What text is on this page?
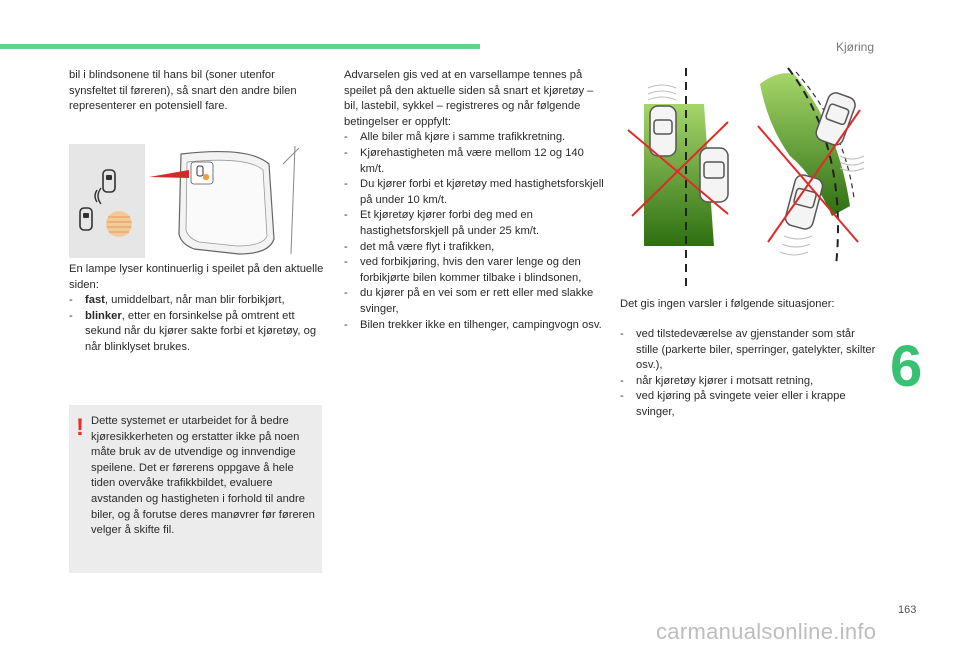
Kjøring
6
163
carmanualsonline.info

bil i blindsonene til hans bil (soner utenfor synsfeltet til føreren), så snart den andre bilen representerer en potensiell fare.

En lampe lyser kontinuerlig i speilet på den aktuelle siden:

- fast, umiddelbart, når man blir forbikjørt,
- blinker, etter en forsinkelse på omtrent ett sekund når du kjører sakte forbi et kjøretøy, og når blinklyset brukes.
! Dette systemet er utarbeidet for å bedre kjøresikkerheten og erstatter ikke på noen måte bruk av de utvendige og innvendige speilene. Det er førerens oppgave å hele tiden overvåke trafikkbildet, evaluere avstanden og hastigheten i forhold til andre biler, og å forutse deres manøvrer før føreren velger å skifte fil.

Advarselen gis ved at en varsellampe tennes på speilet på den aktuelle siden så snart et kjøretøy – bil, lastebil, sykkel – registreres og når følgende betingelser er oppfylt:

- Alle biler må kjøre i samme trafikkretning.
- Kjørehastigheten må være mellom 12 og 140 km/t.
- Du kjører forbi et kjøretøy med hastighetsforskjell på under 10 km/t.
- Et kjøretøy kjører forbi deg med en hastighetsforskjell på under 25 km/t.
- det må være flyt i trafikken,
- ved forbikjøring, hvis den varer lenge og den forbikjørte bilen kommer tilbake i blindsonen,
- du kjører på en vei som er rett eller med slakke svinger,
- Bilen trekker ikke en tilhenger, campingvogn osv.

Det gis ingen varsler i følgende situasjoner:

- ved tilstedeværelse av gjenstander som står stille (parkerte biler, sperringer, gatelykter, skilter osv.),
- når kjøretøy kjører i motsatt retning,
- ved kjøring på svingete veier eller i krappe svinger,
